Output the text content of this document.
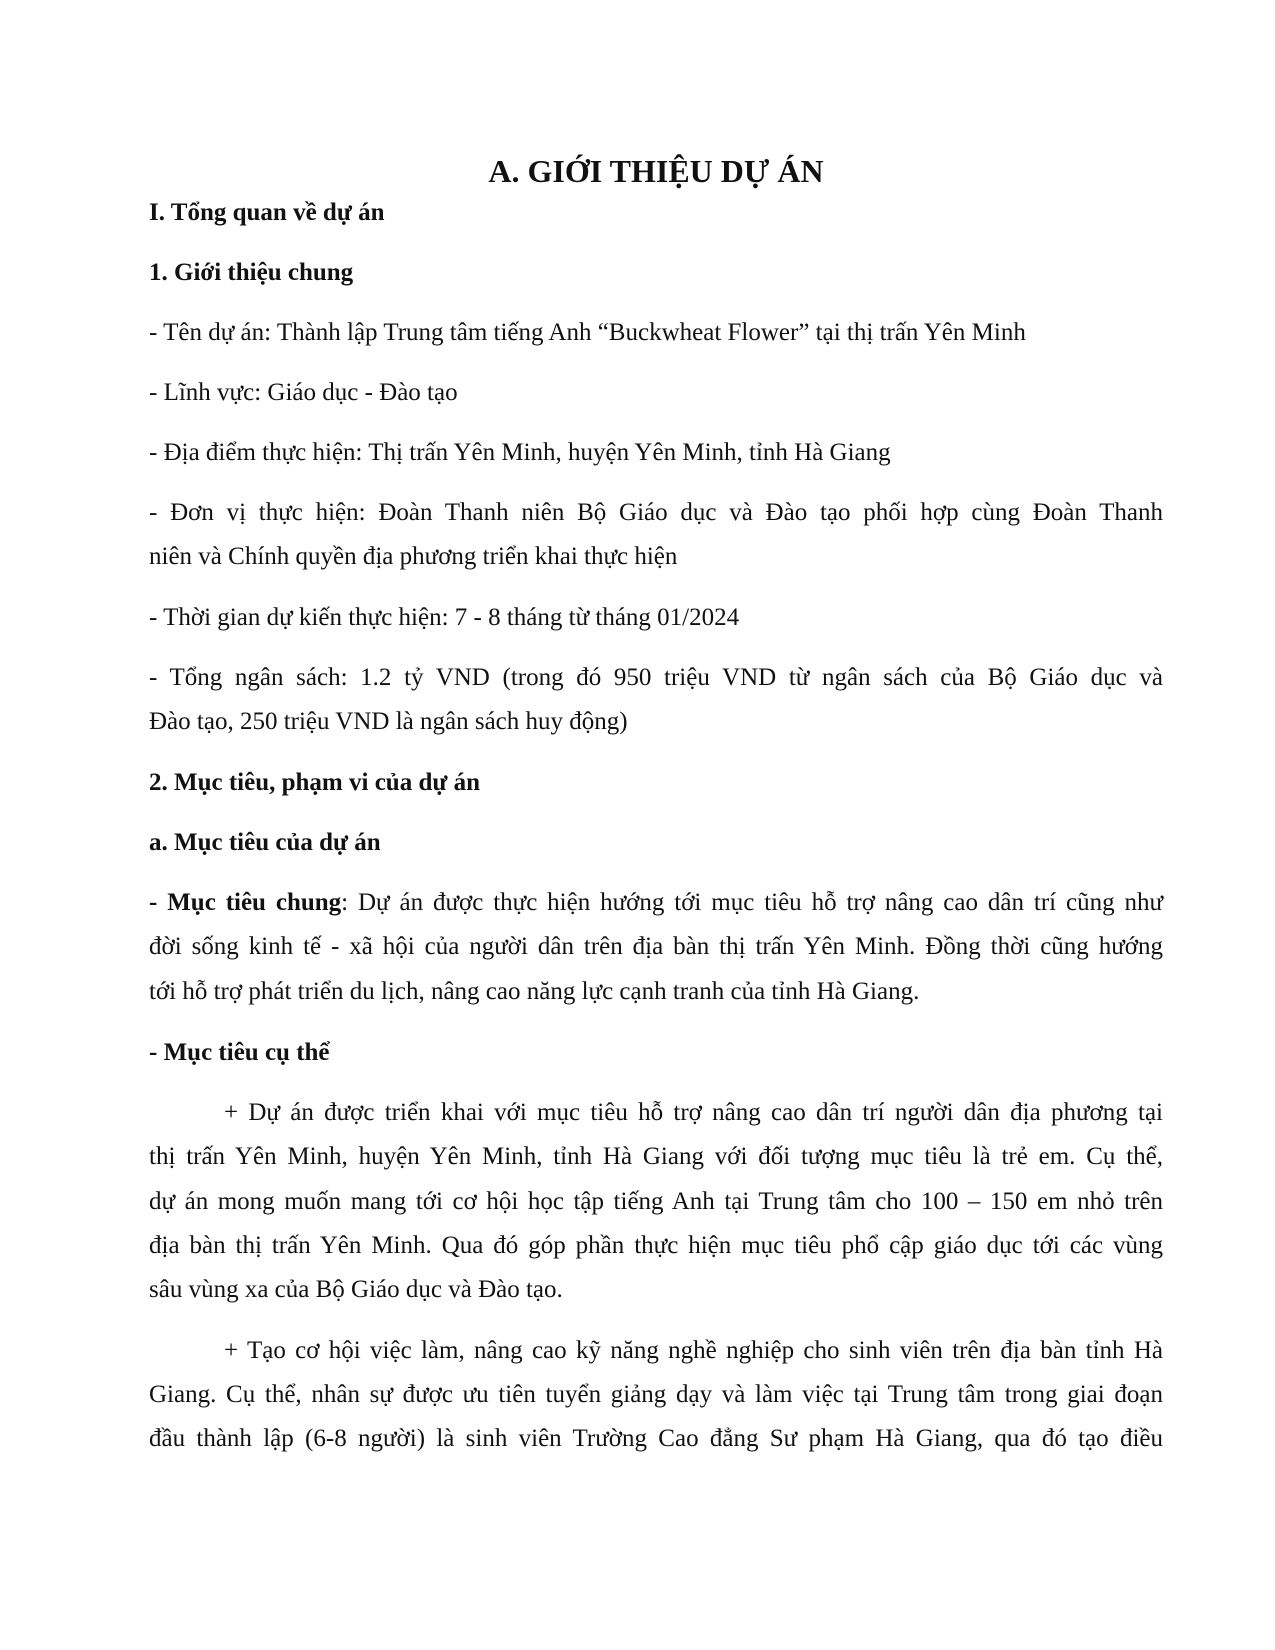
A. GIỚI THIỆU DỰ ÁN
I. Tổng quan về dự án
1. Giới thiệu chung
- Tên dự án: Thành lập Trung tâm tiếng Anh “Buckwheat Flower” tại thị trấn Yên Minh
- Lĩnh vực: Giáo dục - Đào tạo
- Địa điểm thực hiện: Thị trấn Yên Minh, huyện Yên Minh, tỉnh Hà Giang
- Đơn vị thực hiện: Đoàn Thanh niên Bộ Giáo dục và Đào tạo phối hợp cùng Đoàn Thanh
niên và Chính quyền địa phương triển khai thực hiện
- Thời gian dự kiến thực hiện: 7 - 8 tháng từ tháng 01/2024
- Tổng ngân sách: 1.2 tỷ VND (trong đó 950 triệu VND từ ngân sách của Bộ Giáo dục và
Đào tạo, 250 triệu VND là ngân sách huy động)
2. Mục tiêu, phạm vi của dự án
a. Mục tiêu của dự án
- Mục tiêu chung: Dự án được thực hiện hướng tới mục tiêu hỗ trợ nâng cao dân trí cũng như
đời sống kinh tế - xã hội của người dân trên địa bàn thị trấn Yên Minh. Đồng thời cũng hướng
tới hỗ trợ phát triển du lịch, nâng cao năng lực cạnh tranh của tỉnh Hà Giang.
- Mục tiêu cụ thể
+ Dự án được triển khai với mục tiêu hỗ trợ nâng cao dân trí người dân địa phương tại
thị trấn Yên Minh, huyện Yên Minh, tỉnh Hà Giang với đối tượng mục tiêu là trẻ em. Cụ thể,
dự án mong muốn mang tới cơ hội học tập tiếng Anh tại Trung tâm cho 100 – 150 em nhỏ trên
địa bàn thị trấn Yên Minh. Qua đó góp phần thực hiện mục tiêu phổ cập giáo dục tới các vùng
sâu vùng xa của Bộ Giáo dục và Đào tạo.
+ Tạo cơ hội việc làm, nâng cao kỹ năng nghề nghiệp cho sinh viên trên địa bàn tỉnh Hà
Giang. Cụ thể, nhân sự được ưu tiên tuyển giảng dạy và làm việc tại Trung tâm trong giai đoạn
đầu thành lập (6-8 người) là sinh viên Trường Cao đẳng Sư phạm Hà Giang, qua đó tạo điều
